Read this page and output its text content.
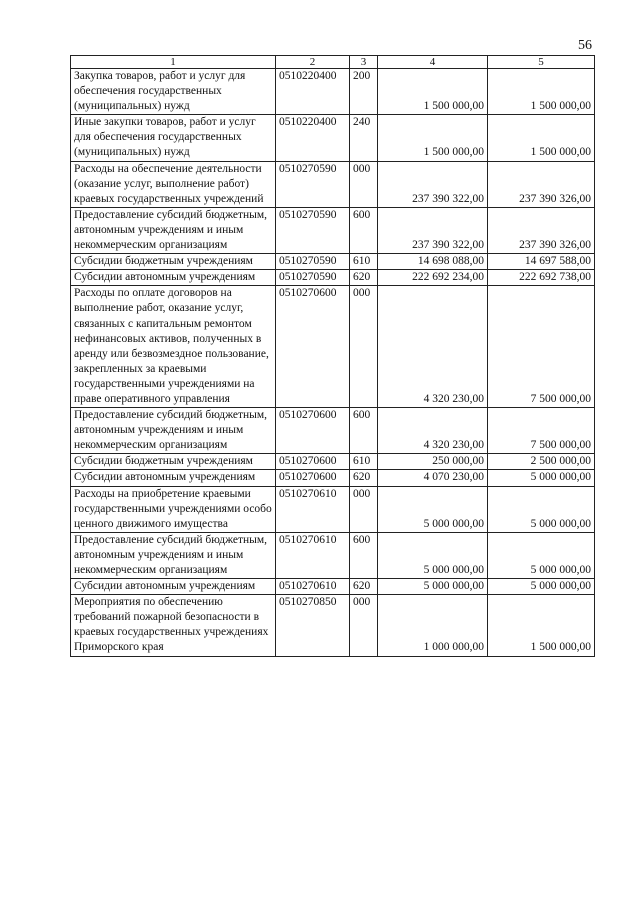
56
1	2	3	4	5
Закупка товаров, работ и услуг для обеспечения государственных (муниципальных) нужд	0510220400	200	1 500 000,00	1 500 000,00
Иные закупки товаров, работ и услуг для обеспечения государственных (муниципальных) нужд	0510220400	240	1 500 000,00	1 500 000,00
Расходы на обеспечение деятельности (оказание услуг, выполнение работ) краевых государственных учреждений	0510270590	000	237 390 322,00	237 390 326,00
Предоставление субсидий бюджетным, автономным учреждениям и иным некоммерческим организациям	0510270590	600	237 390 322,00	237 390 326,00
Субсидии бюджетным учреждениям	0510270590	610	14 698 088,00	14 697 588,00
Субсидии автономным учреждениям	0510270590	620	222 692 234,00	222 692 738,00
Расходы по оплате договоров на выполнение работ, оказание услуг, связанных с капитальным ремонтом нефинансовых активов, полученных в аренду или безвозмездное пользование, закрепленных за краевыми государственными учреждениями на праве оперативного управления	0510270600	000	4 320 230,00	7 500 000,00
Предоставление субсидий бюджетным, автономным учреждениям и иным некоммерческим организациям	0510270600	600	4 320 230,00	7 500 000,00
Субсидии бюджетным учреждениям	0510270600	610	250 000,00	2 500 000,00
Субсидии автономным учреждениям	0510270600	620	4 070 230,00	5 000 000,00
Расходы на приобретение краевыми государственными учреждениями особо ценного движимого имущества	0510270610	000	5 000 000,00	5 000 000,00
Предоставление субсидий бюджетным, автономным учреждениям и иным некоммерческим организациям	0510270610	600	5 000 000,00	5 000 000,00
Субсидии автономным учреждениям	0510270610	620	5 000 000,00	5 000 000,00
Мероприятия по обеспечению требований пожарной безопасности в краевых государственных учреждениях Приморского края	0510270850	000	1 000 000,00	1 500 000,00
